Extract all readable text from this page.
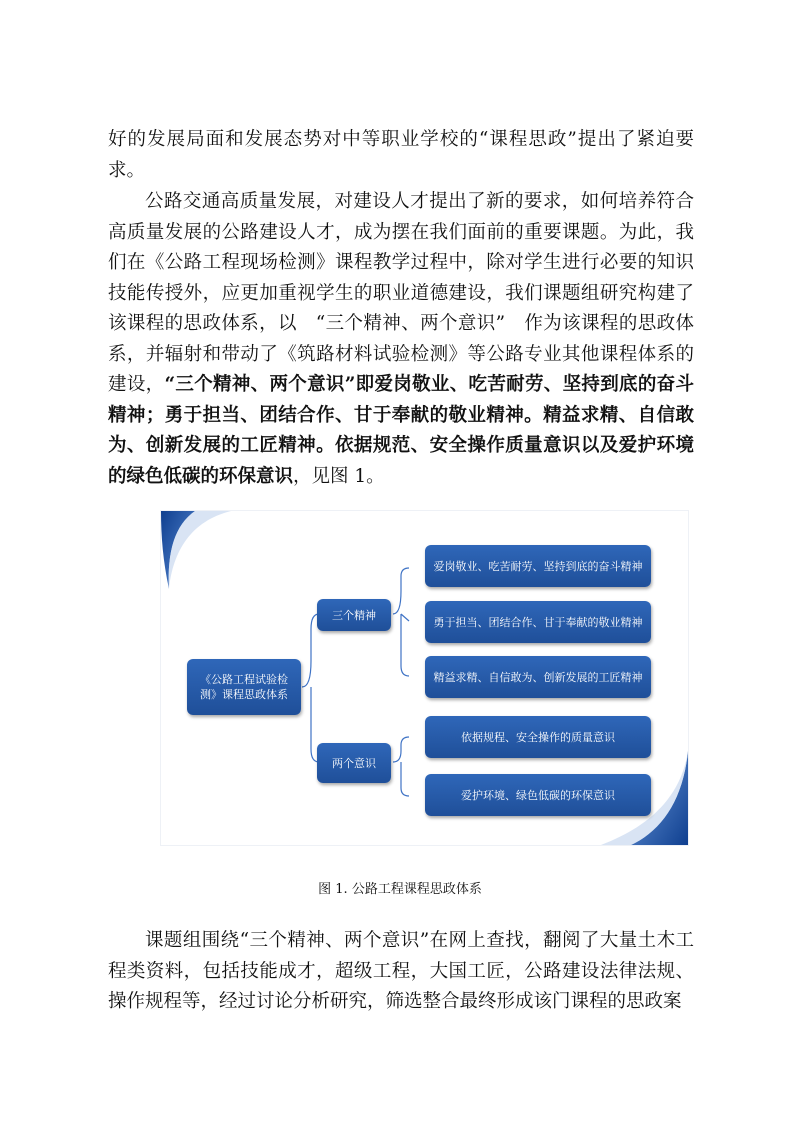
好的发展局面和发展态势对中等职业学校的“课程思政”提出了紧迫要求。

公路交通高质量发展，对建设人才提出了新的要求，如何培养符合高质量发展的公路建设人才，成为摆在我们面前的重要课题。为此，我们在《公路工程现场检测》课程教学过程中，除对学生进行必要的知识技能传授外，应更加重视学生的职业道德建设，我们课题组研究构建了该课程的思政体系，以　“三个精神、两个意识”　作为该课程的思政体系，并辐射和带动了《筑路材料试验检测》等公路专业其他课程体系的建设，“三个精神、两个意识”即爱岗敬业、吃苦耐劳、坚持到底的奋斗精神；勇于担当、团结合作、甘于奉献的敬业精神。精益求精、自信敢为、创新发展的工匠精神。依据规范、安全操作质量意识以及爱护环境的绿色低碳的环保意识，见图 1。

《公路工程试验检测》课程思政体系
三个精神
两个意识
爱岗敬业、吃苦耐劳、坚持到底的奋斗精神
勇于担当、团结合作、甘于奉献的敬业精神
精益求精、自信敢为、创新发展的工匠精神
依据规程、安全操作的质量意识
爱护环境、绿色低碳的环保意识
图 1. 公路工程课程思政体系

课题组围绕“三个精神、两个意识”在网上查找，翻阅了大量土木工程类资料，包括技能成才，超级工程，大国工匠，公路建设法律法规、操作规程等，经过讨论分析研究，筛选整合最终形成该门课程的思政案
